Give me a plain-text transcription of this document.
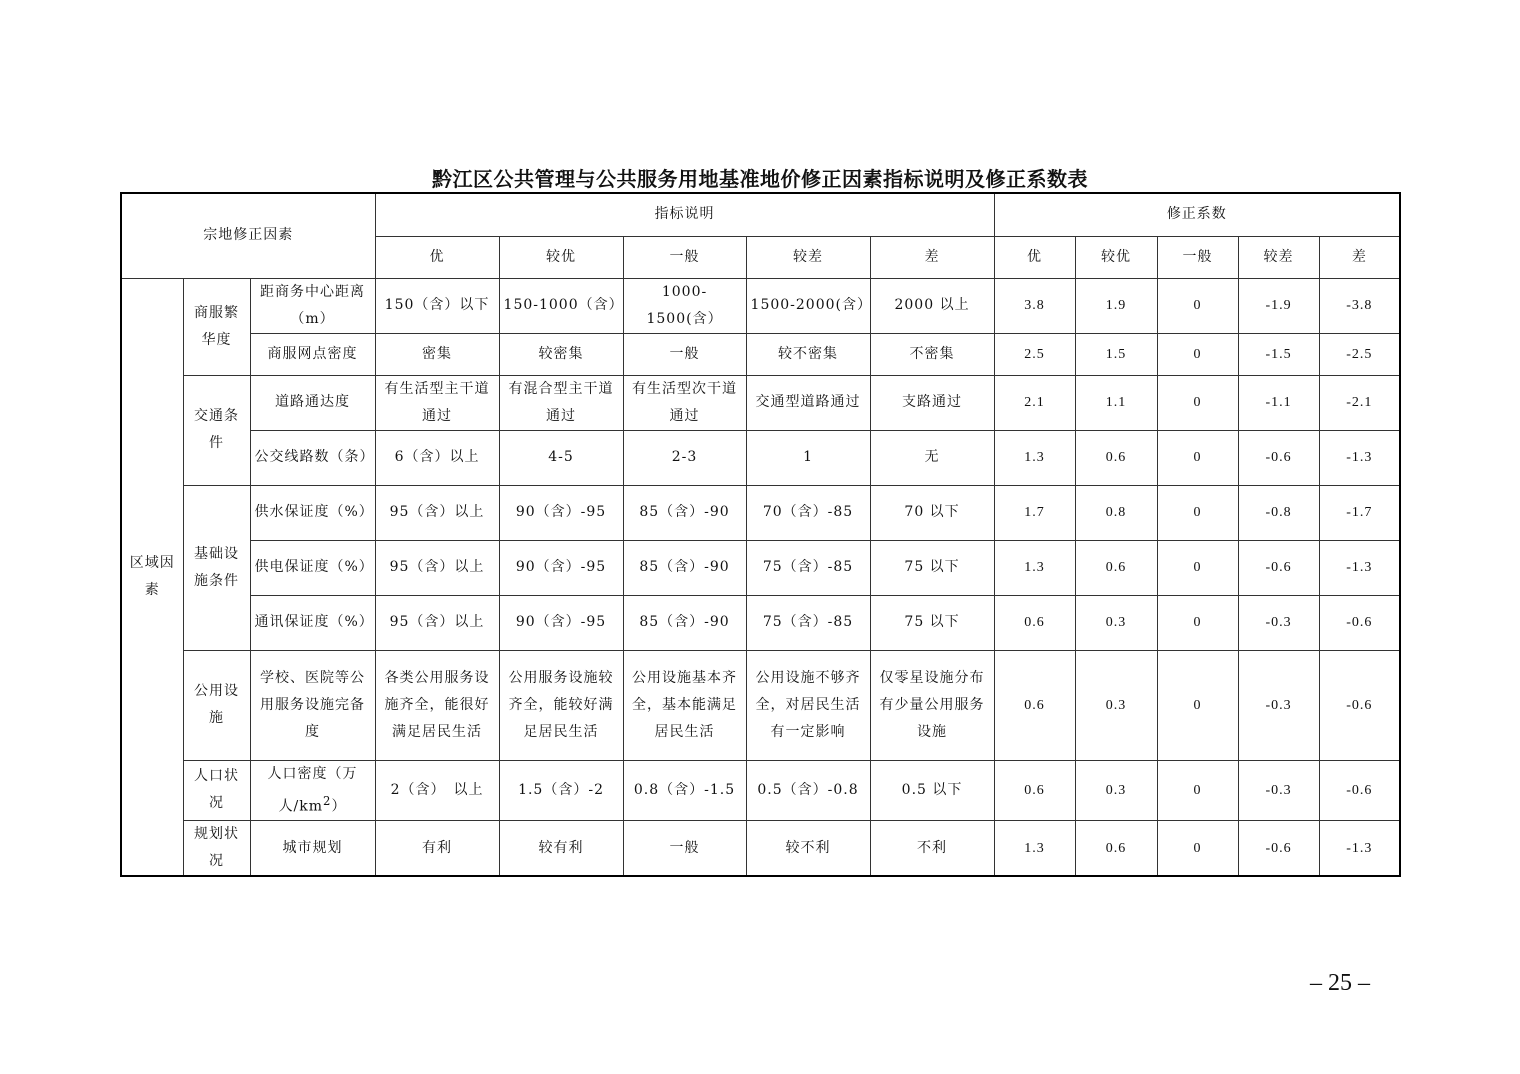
黔江区公共管理与公共服务用地基准地价修正因素指标说明及修正系数表
宗地修正因素			指标说明					修正系数				
			优	较优	一般	较差	差	优	较优	一般	较差	差
区域因素	商服繁华度	距商务中心距离（m）	150（含）以下	150-1000（含）	1000-1500(含）	1500-2000(含）	2000 以上	3.8	1.9	0	-1.9	-3.8
		商服网点密度	密集	较密集	一般	较不密集	不密集	2.5	1.5	0	-1.5	-2.5
	交通条件	道路通达度	有生活型主干道通过	有混合型主干道通过	有生活型次干道通过	交通型道路通过	支路通过	2.1	1.1	0	-1.1	-2.1
		公交线路数（条）	6（含）以上	4-5	2-3	1	无	1.3	0.6	0	-0.6	-1.3
	基础设施条件	供水保证度（%）	95（含）以上	90（含）-95	85（含）-90	70（含）-85	70 以下	1.7	0.8	0	-0.8	-1.7
		供电保证度（%）	95（含）以上	90（含）-95	85（含）-90	75（含）-85	75 以下	1.3	0.6	0	-0.6	-1.3
		通讯保证度（%）	95（含）以上	90（含）-95	85（含）-90	75（含）-85	75 以下	0.6	0.3	0	-0.3	-0.6
	公用设施	学校、医院等公用服务设施完备度	各类公用服务设施齐全，能很好满足居民生活	公用服务设施较齐全，能较好满足居民生活	公用设施基本齐全，基本能满足居民生活	公用设施不够齐全，对居民生活有一定影响	仅零星设施分布有少量公用服务设施	0.6	0.3	0	-0.3	-0.6
	人口状况	人口密度（万人$/km^2$）	2（含）　以上	1.5（含）-2	0.8（含）-1.5	0.5（含）-0.8	0.5 以下	0.6	0.3	0	-0.3	-0.6
	规划状况	城市规划	有利	较有利	一般	较不利	不利	1.3	0.6	0	-0.6	-1.3
– 25 –
